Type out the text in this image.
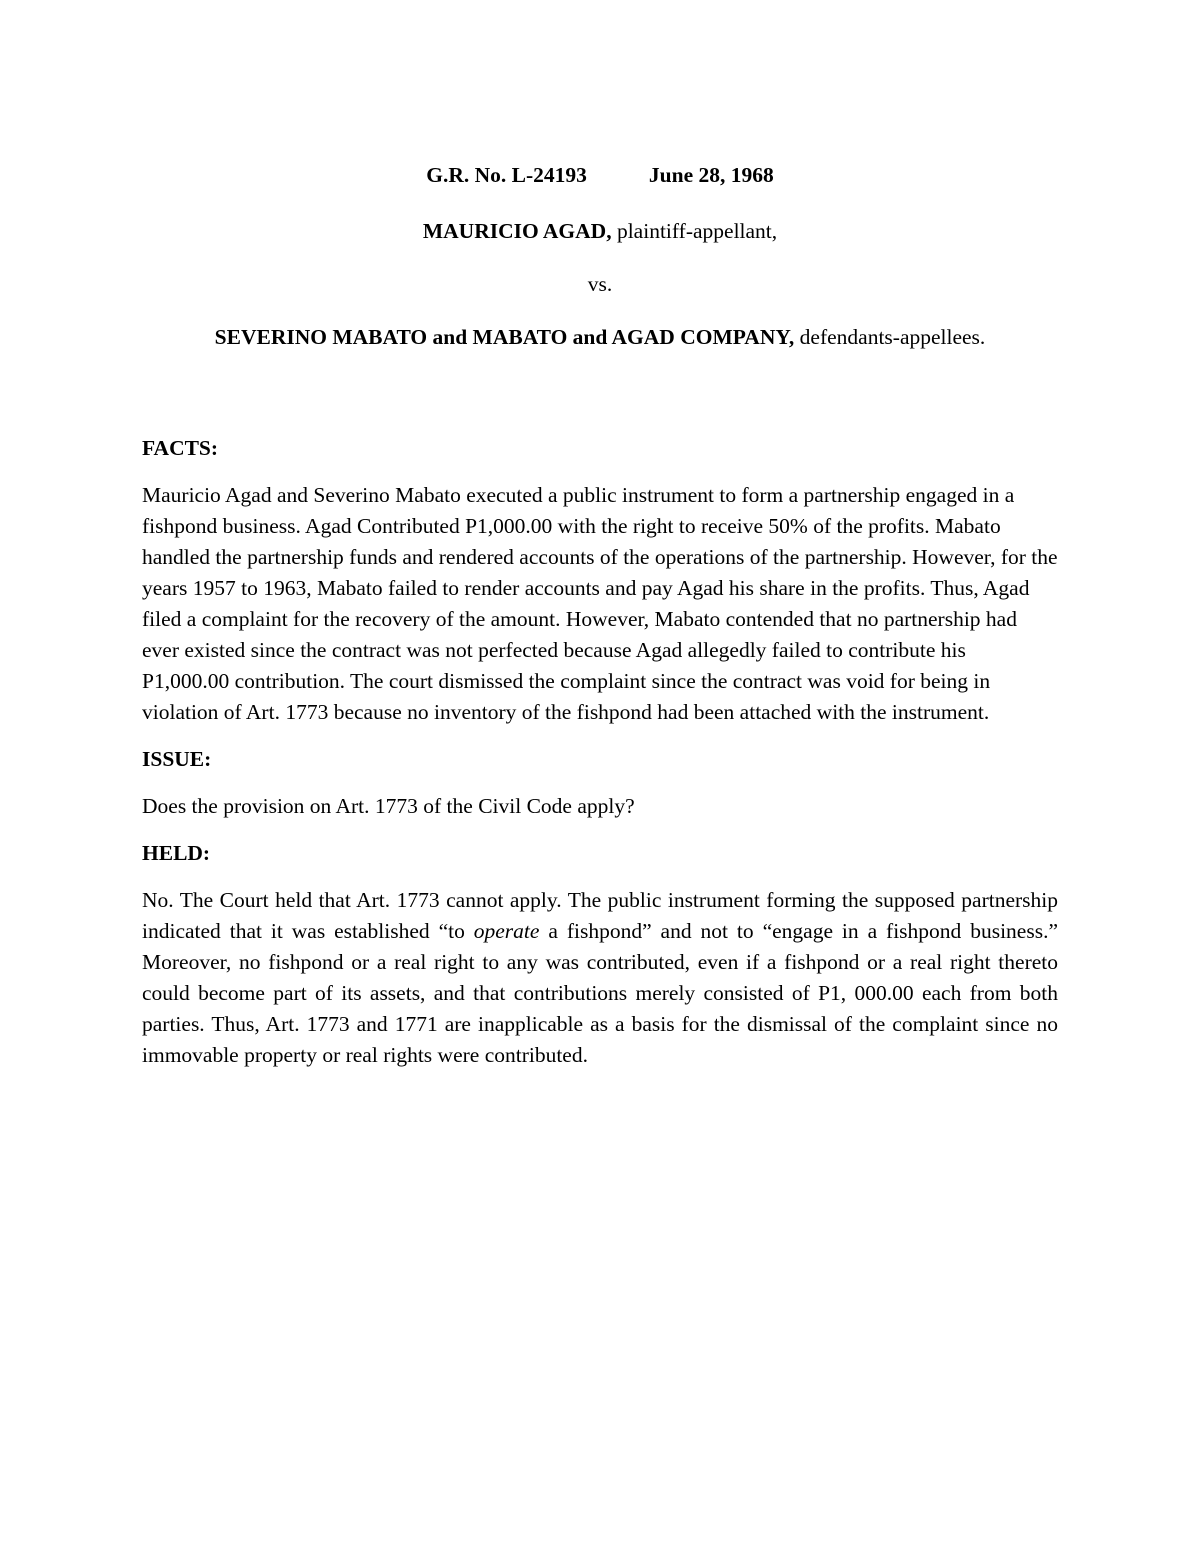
G.R. No. L-24193	June 28, 1968

MAURICIO AGAD, plaintiff-appellant,

vs.

SEVERINO MABATO and MABATO and AGAD COMPANY, defendants-appellees.

FACTS:

Mauricio Agad and Severino Mabato executed a public instrument to form a partnership engaged in a fishpond business. Agad Contributed P1,000.00 with the right to receive 50% of the profits. Mabato handled the partnership funds and rendered accounts of the operations of the partnership. However, for the years 1957 to 1963, Mabato failed to render accounts and pay Agad his share in the profits. Thus, Agad filed a complaint for the recovery of the amount. However, Mabato contended that no partnership had ever existed since the contract was not perfected because Agad allegedly failed to contribute his P1,000.00 contribution. The court dismissed the complaint since the contract was void for being in violation of Art. 1773 because no inventory of the fishpond had been attached with the instrument.

ISSUE:

Does the provision on Art. 1773 of the Civil Code apply?

HELD:

No. The Court held that Art. 1773 cannot apply. The public instrument forming the supposed partnership indicated that it was established “to operate a fishpond” and not to “engage in a fishpond business.” Moreover, no fishpond or a real right to any was contributed, even if a fishpond or a real right thereto could become part of its assets, and that contributions merely consisted of P1, 000.00 each from both parties. Thus, Art. 1773 and 1771 are inapplicable as a basis for the dismissal of the complaint since no immovable property or real rights were contributed.
